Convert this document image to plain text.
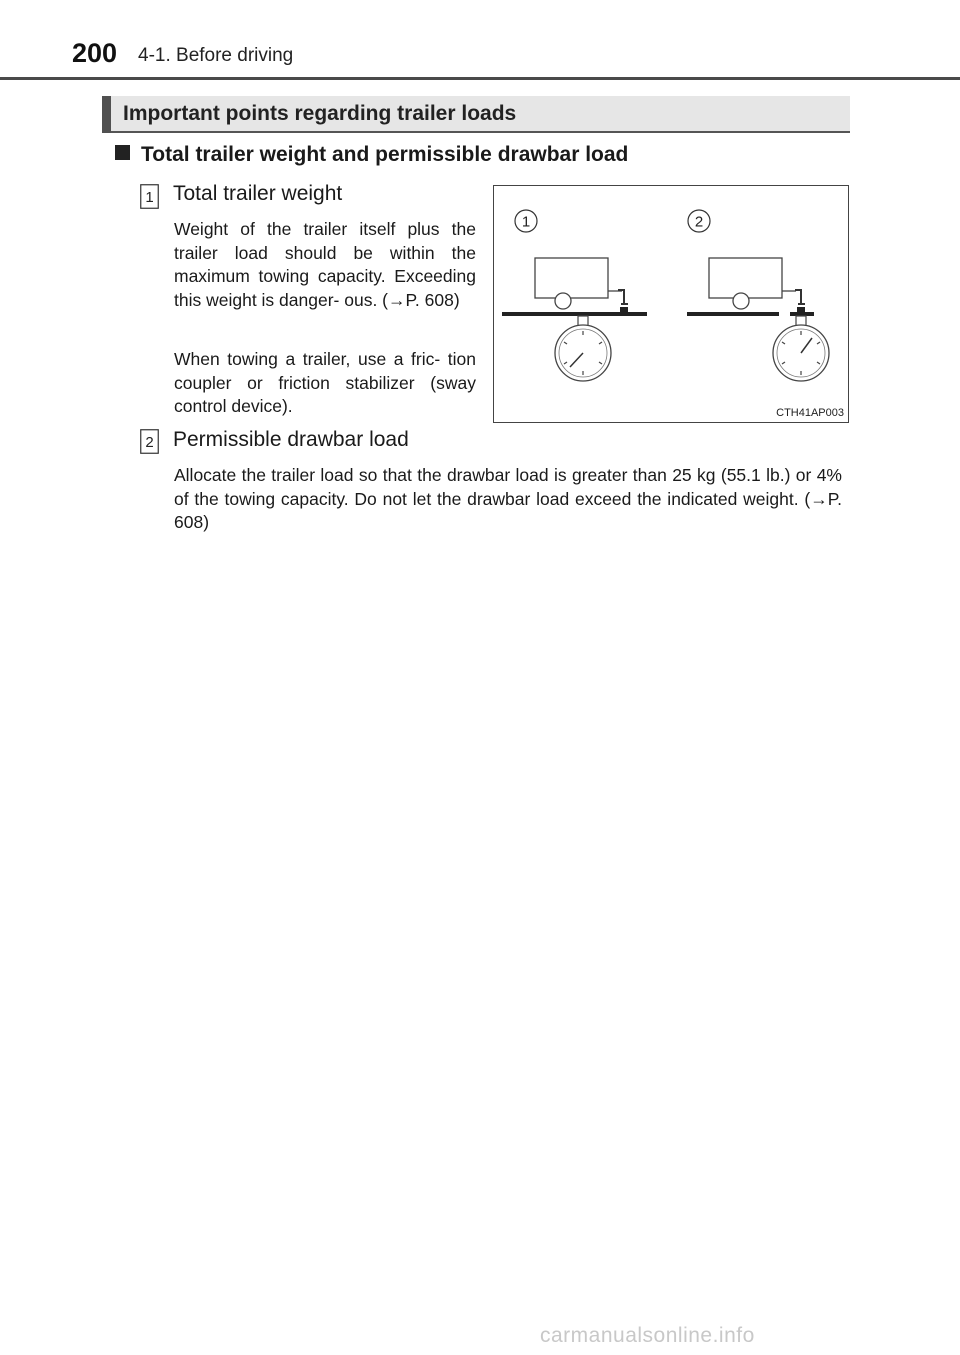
200 4-1. Before driving
Important points regarding trailer loads
Total trailer weight and permissible drawbar load
1 Total trailer weight

Weight of the trailer itself plus the trailer load should be within the maximum towing capacity. Exceeding this weight is danger- ous. (→P. 608)

When towing a trailer, use a fric- tion coupler or friction stabilizer (sway control device).

2 Permissible drawbar load

Allocate the trailer load so that the drawbar load is greater than 25 kg (55.1 lb.) or 4% of the towing capacity. Do not let the drawbar load exceed the indicated weight. (→P. 608)

1	2
CTH41AP003
carmanualsonline.info
